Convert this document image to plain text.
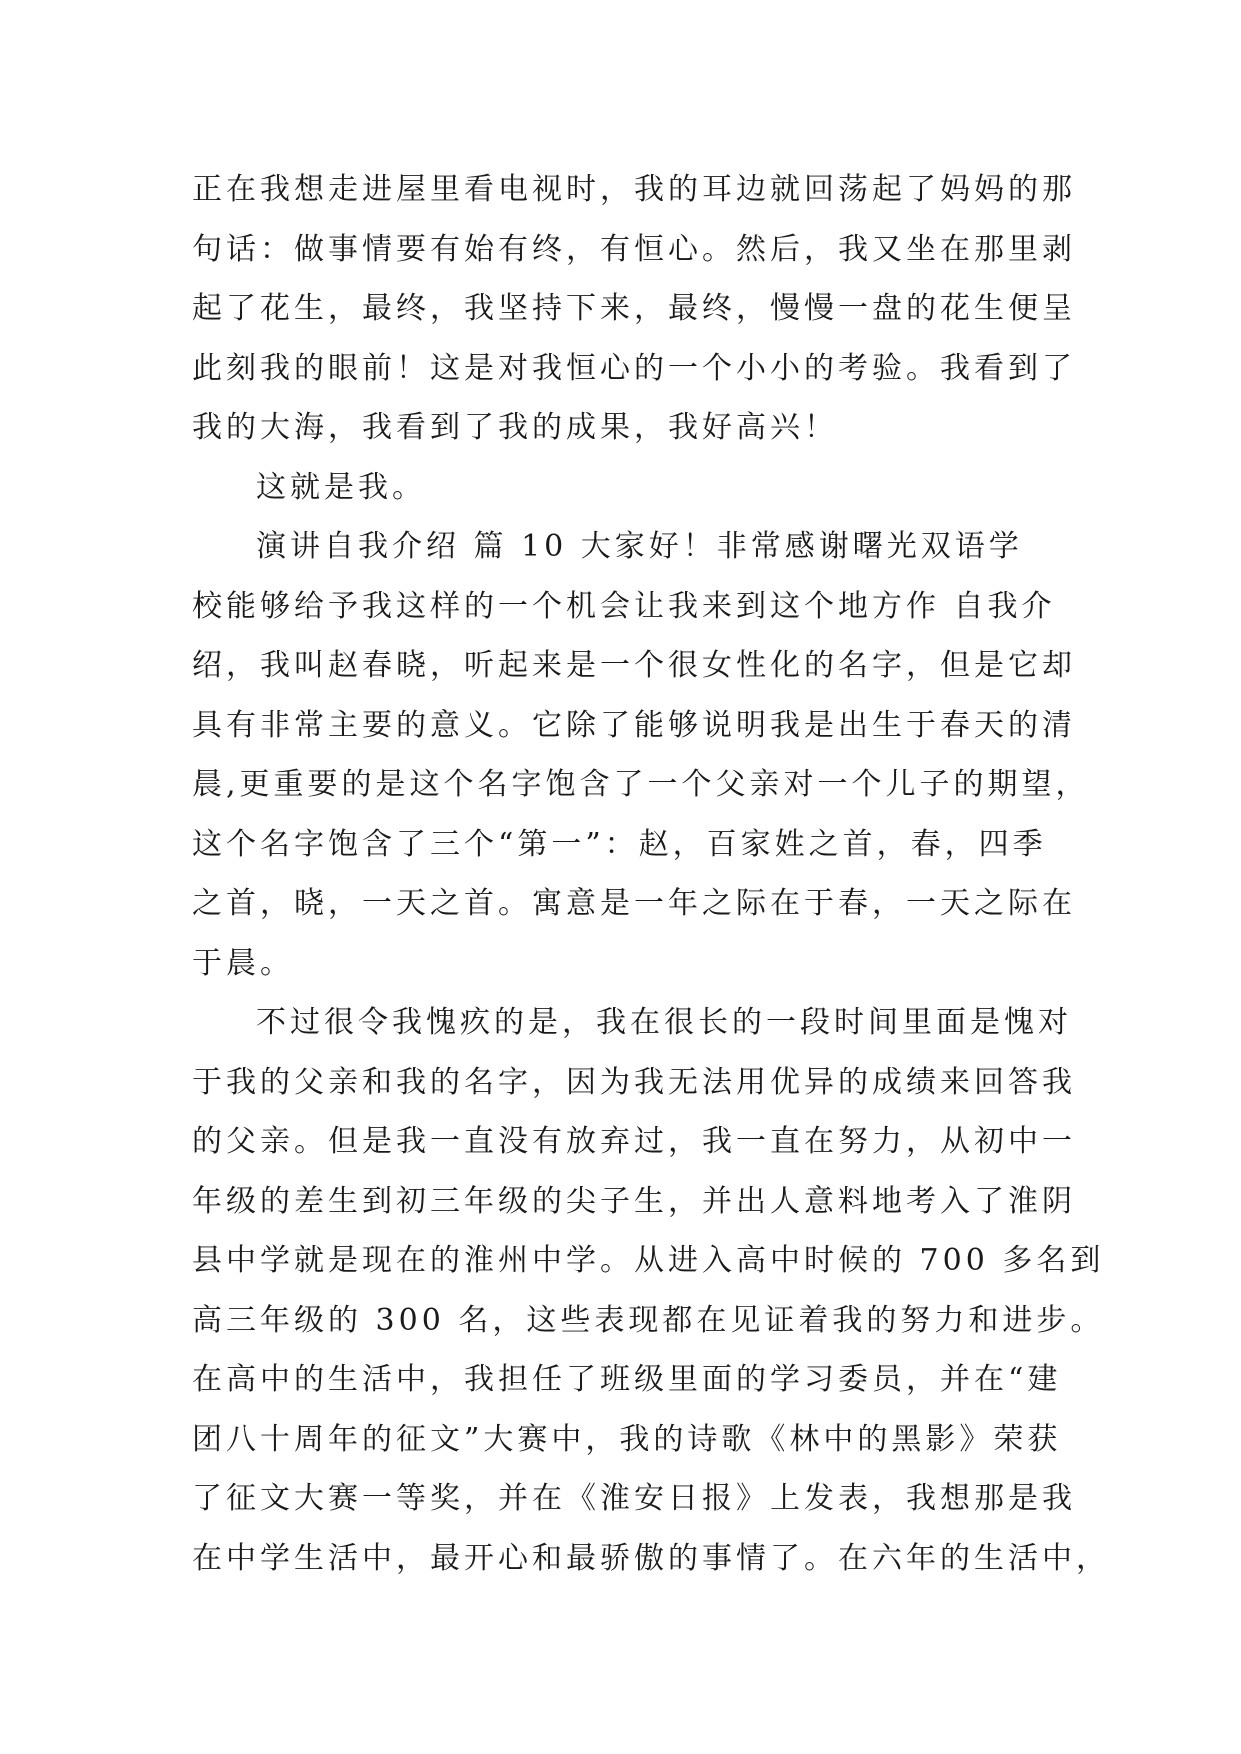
正在我想走进屋里看电视时，我的耳边就回荡起了妈妈的那
句话：做事情要有始有终，有恒心。然后，我又坐在那里剥
起了花生，最终，我坚持下来，最终，慢慢一盘的花生便呈
此刻我的眼前！这是对我恒心的一个小小的考验。我看到了
我的大海，我看到了我的成果，我好高兴！
这就是我。
演讲自我介绍 篇 10 大家好！非常感谢曙光双语学
校能够给予我这样的一个机会让我来到这个地方作 自我介
绍，我叫赵春晓，听起来是一个很女性化的名字，但是它却
具有非常主要的意义。它除了能够说明我是出生于春天的清
晨,更重要的是这个名字饱含了一个父亲对一个儿子的期望，
这个名字饱含了三个“第一”：赵，百家姓之首，春，四季
之首，晓，一天之首。寓意是一年之际在于春，一天之际在
于晨。
不过很令我愧疚的是，我在很长的一段时间里面是愧对
于我的父亲和我的名字，因为我无法用优异的成绩来回答我
的父亲。但是我一直没有放弃过，我一直在努力，从初中一
年级的差生到初三年级的尖子生，并出人意料地考入了淮阴
县中学就是现在的淮州中学。从进入高中时候的 700 多名到
高三年级的 300 名，这些表现都在见证着我的努力和进步。
在高中的生活中，我担任了班级里面的学习委员，并在“建
团八十周年的征文”大赛中，我的诗歌《林中的黑影》荣获
了征文大赛一等奖，并在《淮安日报》上发表，我想那是我
在中学生活中，最开心和最骄傲的事情了。在六年的生活中，
